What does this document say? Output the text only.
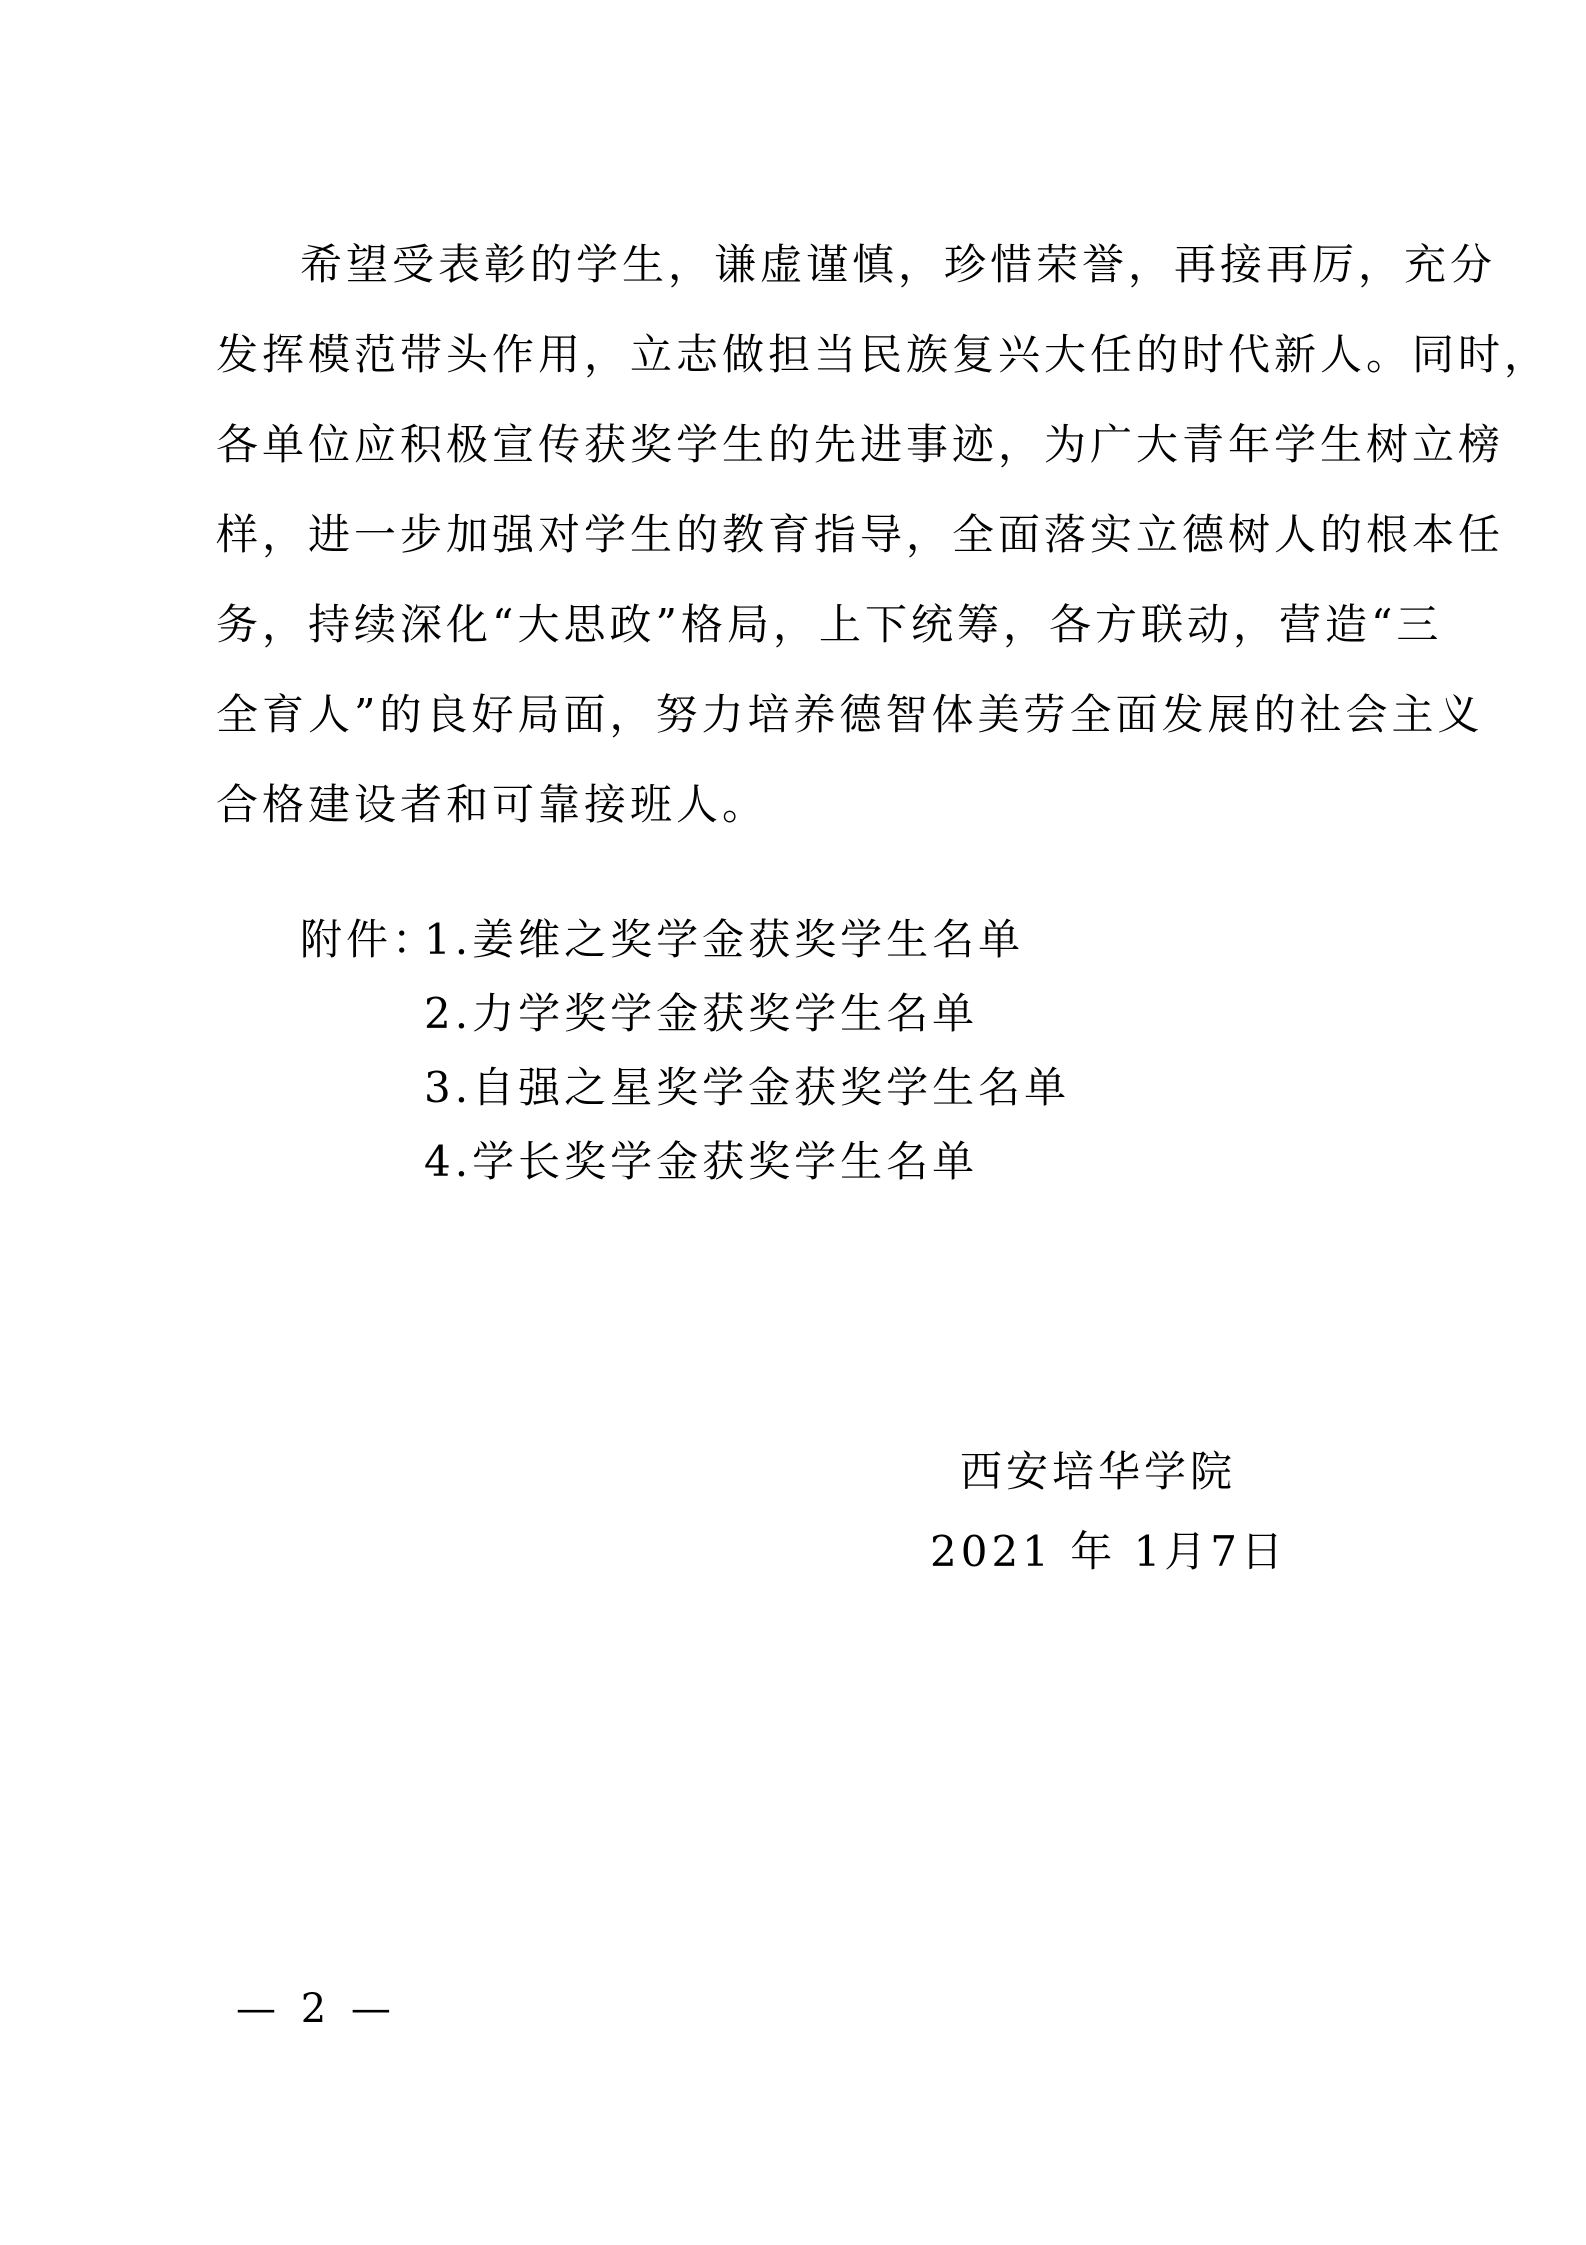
希望受表彰的学生，谦虚谨慎，珍惜荣誉，再接再厉，充分
发挥模范带头作用，立志做担当民族复兴大任的时代新人。同时，
各单位应积极宣传获奖学生的先进事迹，为广大青年学生树立榜
样，进一步加强对学生的教育指导，全面落实立德树人的根本任
务，持续深化“大思政”格局，上下统筹，各方联动，营造“三
全育人”的良好局面，努力培养德智体美劳全面发展的社会主义
合格建设者和可靠接班人。
附件：
1.姜维之奖学金获奖学生名单
2.力学奖学金获奖学生名单
3.自强之星奖学金获奖学生名单
4.学长奖学金获奖学生名单
西安培华学院
2021 年 1月7日
— 2 —
